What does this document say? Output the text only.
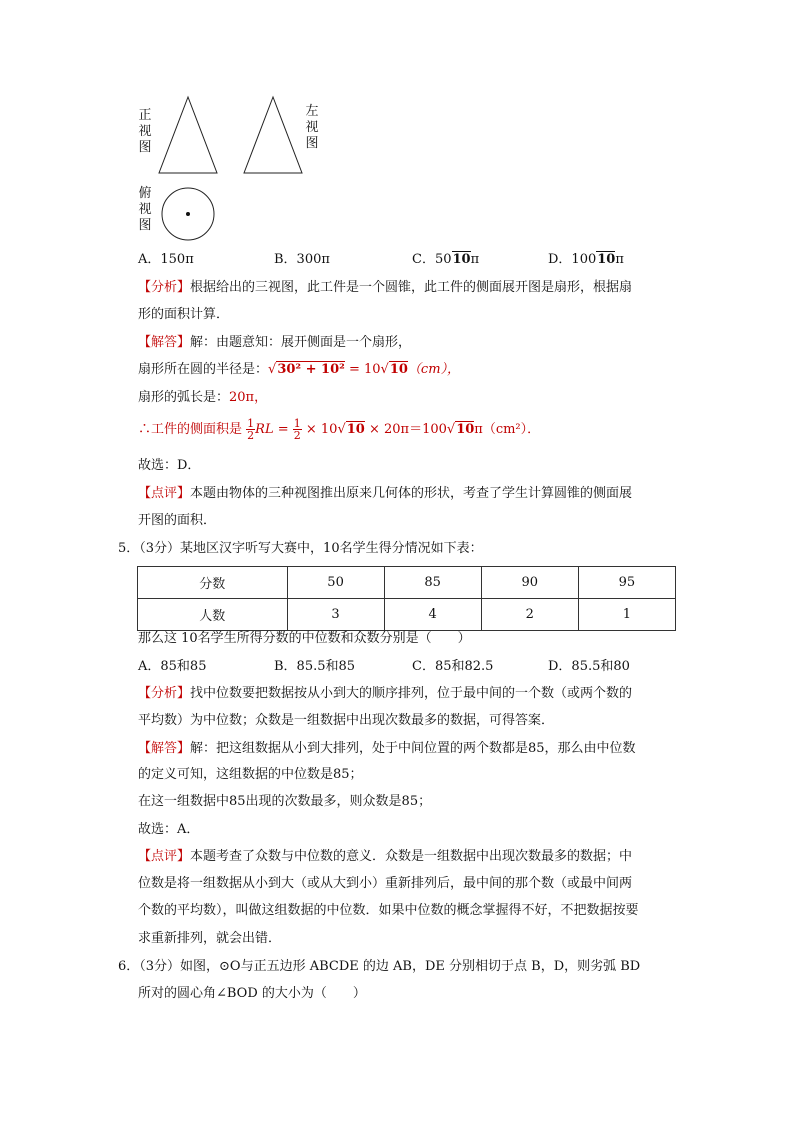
正
视
图
左
视
图
俯
视
图
A．150π	B．300π	C．5010π	D．10010π
【分析】根据给出的三视图，此工件是一个圆锥，此工件的侧面展开图是扇形，根据扇
形的面积计算．
【解答】解：由题意知：展开侧面是一个扇形，
扇形所在圆的半径是：√30² + 10² = 10√10（cm），
扇形的弧长是：20π，
∴工件的侧面积是 $\frac{1}{2}$ RL = $\frac{1}{2} \times 10√10 \times 20\pi=100√10\pi(cm^2)$．
故选：D．
【点评】本题由物体的三种视图推出原来几何体的形状，考查了学生计算圆锥的侧面展
开图的面积．
5．（3分）某地区汉字听写大赛中，10名学生得分情况如下表：
分数	50	85	90	95
人数	3	4	2	1
那么这 10名学生所得分数的中位数和众数分别是（　　）
A．85和85	B．85.5和85	C．85和82.5	D．85.5和80
【分析】找中位数要把数据按从小到大的顺序排列，位于最中间的一个数（或两个数的
平均数）为中位数；众数是一组数据中出现次数最多的数据，可得答案．
【解答】解：把这组数据从小到大排列，处于中间位置的两个数都是85，那么由中位数
的定义可知，这组数据的中位数是85；
在这一组数据中85出现的次数最多，则众数是85；
故选：A．
【点评】本题考查了众数与中位数的意义．众数是一组数据中出现次数最多的数据；中
位数是将一组数据从小到大（或从大到小）重新排列后，最中间的那个数（或最中间两
个数的平均数），叫做这组数据的中位数．如果中位数的概念掌握得不好，不把数据按要
求重新排列，就会出错．
6．（3分）如图，⊙O与正五边形 ABCDE 的边 AB，DE 分别相切于点 B，D，则劣弧 BD
所对的圆心角∠BOD 的大小为（　　）
